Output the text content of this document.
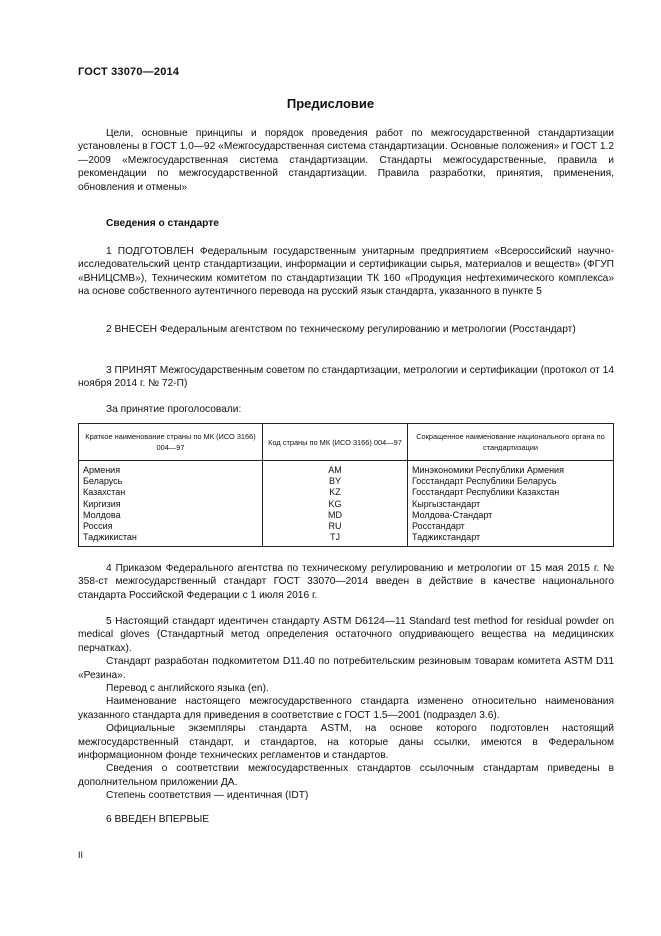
ГОСТ 33070—2014
Предисловие

Цели, основные принципы и порядок проведения работ по межгосударственной стандартизации установлены в ГОСТ 1.0—92 «Межгосударственная система стандартизации. Основные положения» и ГОСТ 1.2—2009 «Межгосударственная система стандартизации. Стандарты межгосударственные, правила и рекомендации по межгосударственной стандартизации. Правила разработки, принятия, применения, обновления и отмены»

Сведения о стандарте

1 ПОДГОТОВЛЕН Федеральным государственным унитарным предприятием «Всероссийский научно-исследовательский центр стандартизации, информации и сертификации сырья, материалов и веществ» (ФГУП «ВНИЦСМВ»), Техническим комитетом по стандартизации ТК 160 «Продукция нефтехимического комплекса» на основе собственного аутентичного перевода на русский язык стандарта, указанного в пункте 5

2 ВНЕСЕН Федеральным агентством по техническому регулированию и метрологии (Росстандарт)

3 ПРИНЯТ Межгосударственным советом по стандартизации, метрологии и сертификации (протокол от 14 ноября 2014 г. № 72-П)

За принятие проголосовали:
Краткое наименование страны по МК (ИСО 3166) 004—97	Код страны по МК (ИСО 3166) 004—97	Сокращенное наименование национального органа по стандартизации
Армения	AM	Минэкономики Республики Армения
Беларусь	BY	Госстандарт Республики Беларусь
Казахстан	KZ	Госстандарт Республики Казахстан
Киргизия	KG	Кыргызстандарт
Молдова	MD	Молдова-Стандарт
Россия	RU	Росстандарт
Таджикистан	TJ	Таджикстандарт

4 Приказом Федерального агентства по техническому регулированию и метрологии от 15 мая 2015 г. № 358-ст межгосударственный стандарт ГОСТ 33070—2014 введен в действие в качестве национального стандарта Российской Федерации с 1 июля 2016 г.

5 Настоящий стандарт идентичен стандарту ASTM D6124—11 Standard test method for residual powder on medical gloves (Стандартный метод определения остаточного опудривающего вещества на медицинских перчатках).

Стандарт разработан подкомитетом D11.40 по потребительским резиновым товарам комитета ASTM D11 «Резина».

Перевод с английского языка (en).

Наименование настоящего межгосударственного стандарта изменено относительно наименования указанного стандарта для приведения в соответствие с ГОСТ 1.5—2001 (подраздел 3.6).

Официальные экземпляры стандарта ASTM, на основе которого подготовлен настоящий межгосударственный стандарт, и стандартов, на которые даны ссылки, имеются в Федеральном информационном фонде технических регламентов и стандартов.

Сведения о соответствии межгосударственных стандартов ссылочным стандартам приведены в дополнительном приложении ДА.

Степень соответствия — идентичная (IDT)

6 ВВЕДЕН ВПЕРВЫЕ

II
